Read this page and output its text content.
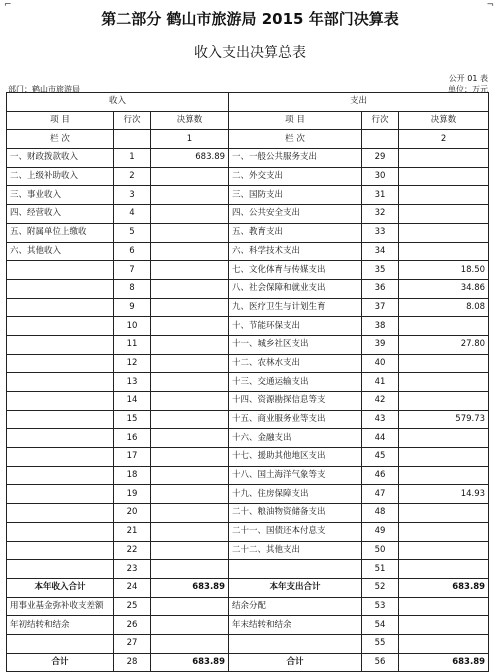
⌐	¬
第二部分 鹤山市旅游局 2015 年部门决算表
收入支出决算总表
公开 01 表
部门：鹤山市旅游局	单位：万元
收入			支出		
项 目	行次	决算数	项 目	行次	决算数
栏 次		1	栏 次		2
一、财政拨款收入	1	683.89	一、一般公共服务支出	29	
二、上级补助收入	2		二、外交支出	30	
三、事业收入	3		三、国防支出	31	
四、经营收入	4		四、公共安全支出	32	
五、附属单位上缴收	5		五、教育支出	33	
六、其他收入	6		六、科学技术支出	34	
	7		七、文化体育与传媒支出	35	18.50
	8		八、社会保障和就业支出	36	34.86
	9		九、医疗卫生与计划生育	37	8.08
	10		十、节能环保支出	38	
	11		十一、城乡社区支出	39	27.80
	12		十二、农林水支出	40	
	13		十三、交通运输支出	41	
	14		十四、资源勘探信息等支	42	
	15		十五、商业服务业等支出	43	579.73
	16		十六、金融支出	44	
	17		十七、援助其他地区支出	45	
	18		十八、国土海洋气象等支	46	
	19		十九、住房保障支出	47	14.93
	20		二十、粮油物资储备支出	48	
	21		二十一、国债还本付息支	49	
	22		二十二、其他支出	50	
	23			51	
本年收入合计	24	683.89	本年支出合计	52	683.89
用事业基金弥补收支差额	25		结余分配	53	
年初结转和结余	26		年末结转和结余	54	
	27			55	
合计	28	683.89	合计	56	683.89
